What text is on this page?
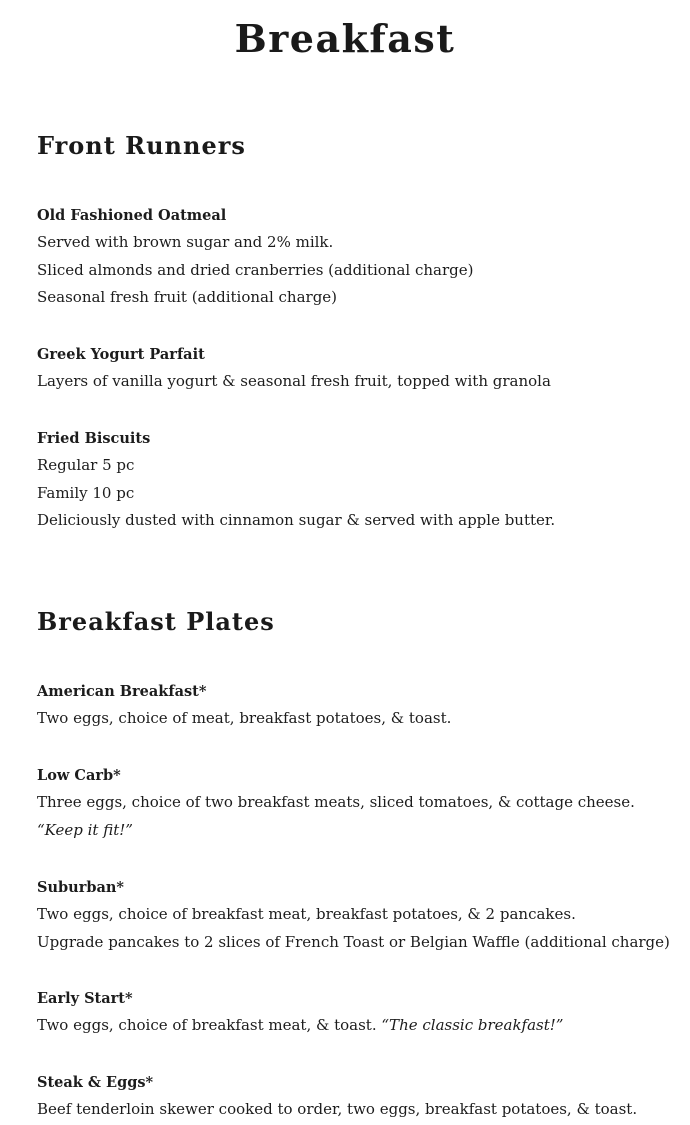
Breakfast
Front Runners
Old Fashioned Oatmeal
Served with brown sugar and 2% milk.
Sliced almonds and dried cranberries (additional charge)
Seasonal fresh fruit (additional charge)
Greek Yogurt Parfait
Layers of vanilla yogurt & seasonal fresh fruit, topped with granola
Fried Biscuits
Regular 5 pc
Family 10 pc
Deliciously dusted with cinnamon sugar & served with apple butter.
Breakfast Plates
American Breakfast*
Two eggs, choice of meat, breakfast potatoes, & toast.
Low Carb*
Three eggs, choice of two breakfast meats, sliced tomatoes, & cottage cheese.
“Keep it fit!”
Suburban*
Two eggs, choice of breakfast meat, breakfast potatoes, & 2 pancakes.
Upgrade pancakes to 2 slices of French Toast or Belgian Waffle (additional charge)
Early Start*
Two eggs, choice of breakfast meat, & toast. “The classic breakfast!”
Steak & Eggs*
Beef tenderloin skewer cooked to order, two eggs, breakfast potatoes, & toast.
